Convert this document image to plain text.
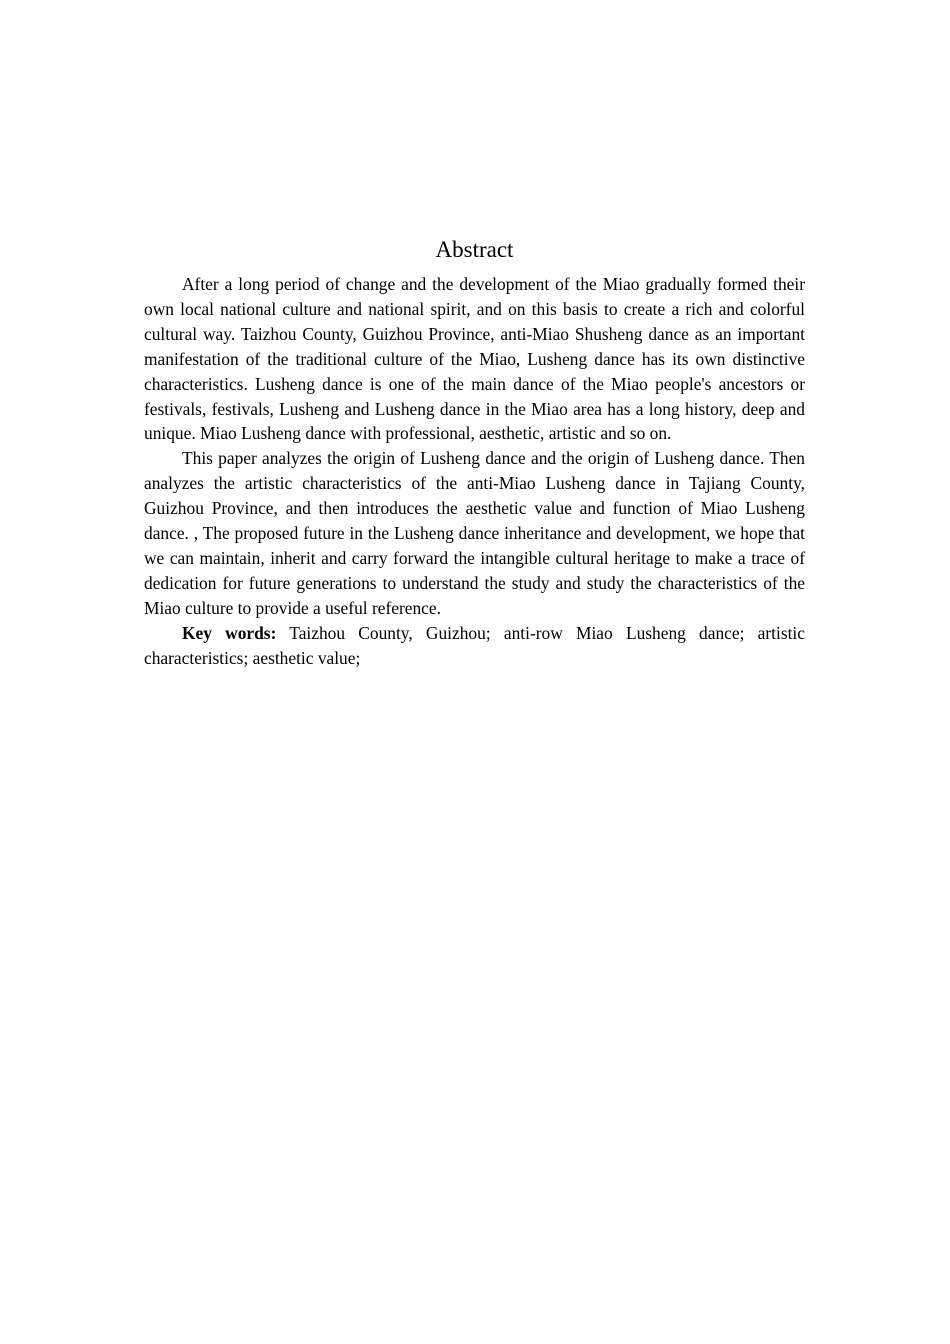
Abstract

After a long period of change and the development of the Miao gradually formed their own local national culture and national spirit, and on this basis to create a rich and colorful cultural way. Taizhou County, Guizhou Province, anti-Miao Shusheng dance as an important manifestation of the traditional culture of the Miao, Lusheng dance has its own distinctive characteristics. Lusheng dance is one of the main dance of the Miao people's ancestors or festivals, festivals, Lusheng and Lusheng dance in the Miao area has a long history, deep and unique. Miao Lusheng dance with professional, aesthetic, artistic and so on.

This paper analyzes the origin of Lusheng dance and the origin of Lusheng dance. Then analyzes the artistic characteristics of the anti-Miao Lusheng dance in Tajiang County, Guizhou Province, and then introduces the aesthetic value and function of Miao Lusheng dance. , The proposed future in the Lusheng dance inheritance and development, we hope that we can maintain, inherit and carry forward the intangible cultural heritage to make a trace of dedication for future generations to understand the study and study the characteristics of the Miao culture to provide a useful reference.

Key words: Taizhou County, Guizhou; anti-row Miao Lusheng dance; artistic characteristics; aesthetic value;
